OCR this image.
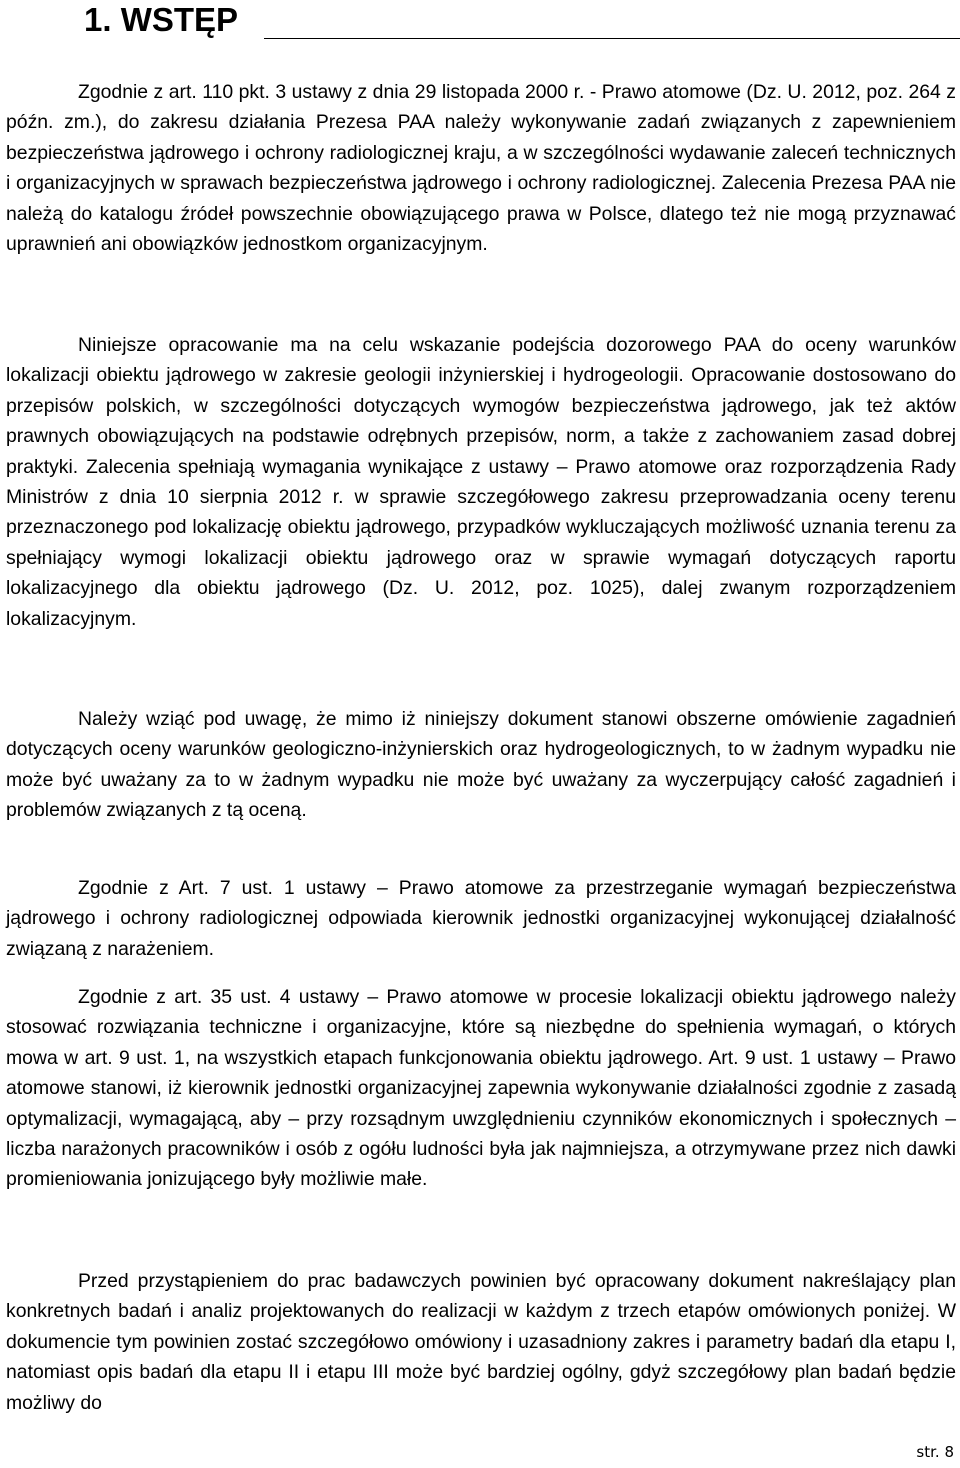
1. WSTĘP

Zgodnie z art. 110 pkt. 3 ustawy z dnia 29 listopada 2000 r. - Prawo atomowe (Dz. U. 2012, poz. 264 z późn. zm.), do zakresu działania Prezesa PAA należy wykonywanie zadań związanych z zapewnieniem bezpieczeństwa jądrowego i ochrony radiologicznej kraju, a w szczególności wydawanie zaleceń technicznych i organizacyjnych w sprawach bezpieczeństwa jądrowego i ochrony radiologicznej. Zalecenia Prezesa PAA nie należą do katalogu źródeł powszechnie obowiązującego prawa w Polsce, dlatego też nie mogą przyznawać uprawnień ani obowiązków jednostkom organizacyjnym.

Niniejsze opracowanie ma na celu wskazanie podejścia dozorowego PAA do oceny warunków lokalizacji obiektu jądrowego w zakresie geologii inżynierskiej i hydrogeologii. Opracowanie dostosowano do przepisów polskich, w szczególności dotyczących wymogów bezpieczeństwa jądrowego, jak też aktów prawnych obowiązujących na podstawie odrębnych przepisów, norm, a także z zachowaniem zasad dobrej praktyki. Zalecenia spełniają wymagania wynikające z ustawy – Prawo atomowe oraz rozporządzenia Rady Ministrów z dnia 10 sierpnia 2012 r. w sprawie szczegółowego zakresu przeprowadzania oceny terenu przeznaczonego pod lokalizację obiektu jądrowego, przypadków wykluczających możliwość uznania terenu za spełniający wymogi lokalizacji obiektu jądrowego oraz w sprawie wymagań dotyczących raportu lokalizacyjnego dla obiektu jądrowego (Dz. U. 2012, poz. 1025), dalej zwanym rozporządzeniem lokalizacyjnym.

Należy wziąć pod uwagę, że mimo iż niniejszy dokument stanowi obszerne omówienie zagadnień dotyczących oceny warunków geologiczno-inżynierskich oraz hydrogeologicznych, to w żadnym wypadku nie może być uważany za to w żadnym wypadku nie może być uważany za wyczerpujący całość zagadnień i problemów związanych z tą oceną.

Zgodnie z Art. 7 ust. 1 ustawy – Prawo atomowe za przestrzeganie wymagań bezpieczeństwa jądrowego i ochrony radiologicznej odpowiada kierownik jednostki organizacyjnej wykonującej działalność związaną z narażeniem.

Zgodnie z art. 35 ust. 4 ustawy – Prawo atomowe w procesie lokalizacji obiektu jądrowego należy stosować rozwiązania techniczne i organizacyjne, które są niezbędne do spełnienia wymagań, o których mowa w art. 9 ust. 1, na wszystkich etapach funkcjonowania obiektu jądrowego. Art. 9 ust. 1 ustawy – Prawo atomowe stanowi, iż kierownik jednostki organizacyjnej zapewnia wykonywanie działalności zgodnie z zasadą optymalizacji, wymagającą, aby – przy rozsądnym uwzględnieniu czynników ekonomicznych i społecznych – liczba narażonych pracowników i osób z ogółu ludności była jak najmniejsza, a otrzymywane przez nich dawki promieniowania jonizującego były możliwie małe.

Przed przystąpieniem do prac badawczych powinien być opracowany dokument nakreślający plan konkretnych badań i analiz projektowanych do realizacji w każdym z trzech etapów omówionych poniżej. W dokumencie tym powinien zostać szczegółowo omówiony i uzasadniony zakres i parametry badań dla etapu I, natomiast opis badań dla etapu II i etapu III może być bardziej ogólny, gdyż szczegółowy plan badań będzie możliwy do

str. 8
